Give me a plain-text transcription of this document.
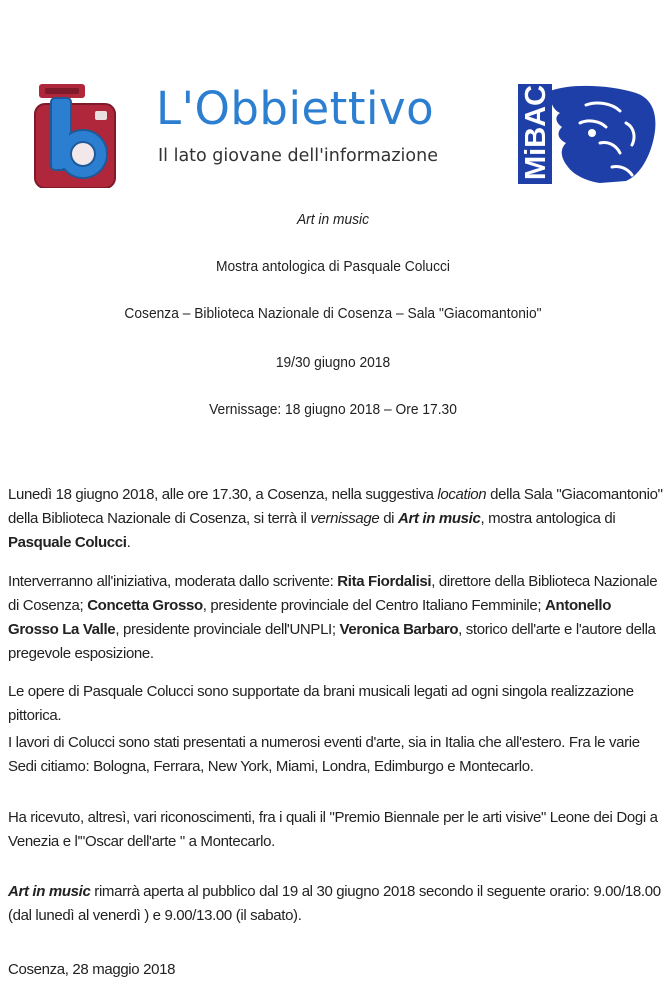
L'Obbiettivo
Il lato giovane dell'informazione	MiBAC
Art in music
Mostra antologica di Pasquale Colucci
Cosenza – Biblioteca Nazionale di Cosenza – Sala "Giacomantonio"
19/30 giugno 2018
Vernissage: 18 giugno 2018 – Ore 17.30

Lunedì 18 giugno 2018, alle ore 17.30, a Cosenza, nella suggestiva location della Sala "Giacomantonio" della Biblioteca Nazionale di Cosenza, si terrà il vernissage di Art in music, mostra antologica di Pasquale Colucci.

Interverranno all'iniziativa, moderata dallo scrivente: Rita Fiordalisi, direttore della Biblioteca Nazionale di Cosenza; Concetta Grosso, presidente provinciale del Centro Italiano Femminile; Antonello Grosso La Valle, presidente provinciale dell'UNPLI; Veronica Barbaro, storico dell'arte e l'autore della pregevole esposizione.

Le opere di Pasquale Colucci sono supportate da brani musicali legati ad ogni singola realizzazione pittorica.

I lavori di Colucci sono stati presentati a numerosi eventi d'arte, sia in Italia che all'estero. Fra le varie Sedi citiamo: Bologna, Ferrara, New York, Miami, Londra, Edimburgo e Montecarlo.

Ha ricevuto, altresì, vari riconoscimenti, fra i quali il "Premio Biennale per le arti visive" Leone dei Dogi a Venezia e l'"Oscar dell'arte " a Montecarlo.

Art in music rimarrà aperta al pubblico dal 19 al 30 giugno 2018 secondo il seguente orario: 9.00/18.00 (dal lunedì al venerdì ) e 9.00/13.00 (il sabato).

Cosenza, 28 maggio 2018
